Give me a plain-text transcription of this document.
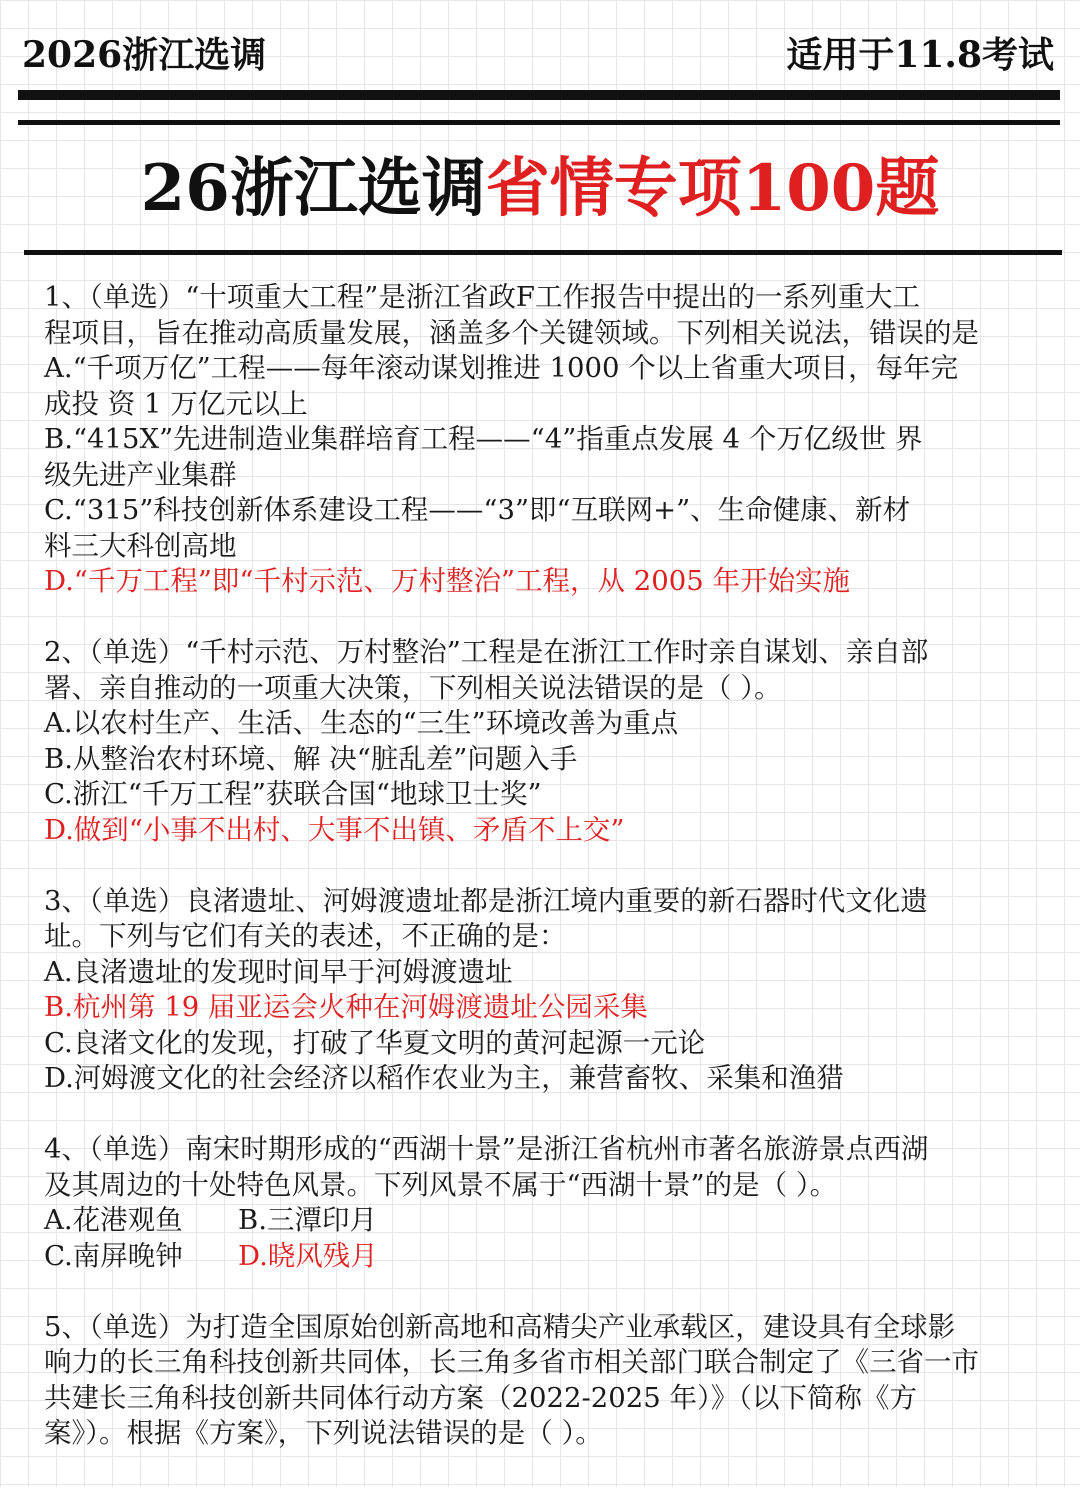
2026浙江选调	适用于11.8考试
26浙江选调省情专项100题
1、（单选）“十项重大工程”是浙江省政F工作报告中提出的一系列重大工
程项目，旨在推动高质量发展，涵盖多个关键领域。下列相关说法，错误的是
A.“千项万亿”工程——每年滚动谋划推进 1000 个以上省重大项目，每年完
成投 资 1 万亿元以上
B.“415X”先进制造业集群培育工程——“4”指重点发展 4 个万亿级世 界
级先进产业集群
C.“315”科技创新体系建设工程——“3”即“互联网+”、生命健康、新材
料三大科创高地
D.“千万工程”即“千村示范、万村整治”工程，从 2005 年开始实施
2、（单选）“千村示范、万村整治”工程是在浙江工作时亲自谋划、亲自部
署、亲自推动的一项重大决策，下列相关说法错误的是（ ）。
A.以农村生产、生活、生态的“三生”环境改善为重点
B.从整治农村环境、解 决“脏乱差”问题入手
C.浙江“千万工程”获联合国“地球卫士奖”
D.做到“小事不出村、大事不出镇、矛盾不上交”
3、（单选）良渚遗址、河姆渡遗址都是浙江境内重要的新石器时代文化遗
址。下列与它们有关的表述，不正确的是：
A.良渚遗址的发现时间早于河姆渡遗址
B.杭州第 19 届亚运会火种在河姆渡遗址公园采集
C.良渚文化的发现，打破了华夏文明的黄河起源一元论
D.河姆渡文化的社会经济以稻作农业为主，兼营畜牧、采集和渔猎
4、（单选）南宋时期形成的“西湖十景”是浙江省杭州市著名旅游景点西湖
及其周边的十处特色风景。下列风景不属于“西湖十景”的是（ ）。
A.花港观鱼	B.三潭印月
C.南屏晚钟	D.晓风残月
5、（单选）为打造全国原始创新高地和高精尖产业承载区，建设具有全球影
响力的长三角科技创新共同体，长三角多省市相关部门联合制定了《三省一市
共建长三角科技创新共同体行动方案（2022-2025 年）》（以下简称《方
案》）。根据《方案》，下列说法错误的是（ ）。
